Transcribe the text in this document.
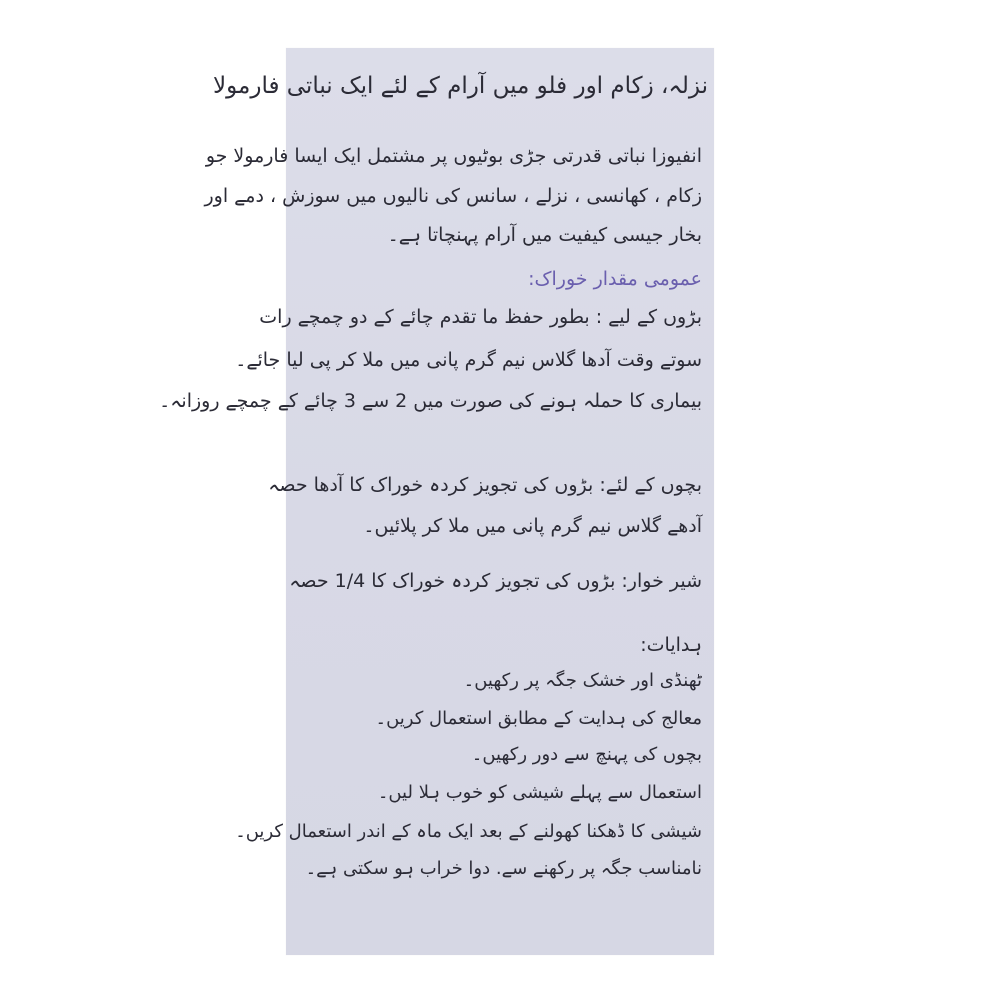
نزلہ، زکام اور فلو میں آرام کے لئے ایک نباتی فارمولا
انفیوزا نباتی قدرتی جڑی بوٹیوں پر مشتمل ایک ایسا فارمولا جو
زکام ، کھانسی ، نزلے ، سانس کی نالیوں میں سوزش ، دمے اور
بخار جیسی کیفیت میں آرام پہنچاتا ہے۔
عمومی مقدار خوراک:
بڑوں کے لیے : بطور حفظ ما تقدم چائے کے دو چمچے رات
سوتے وقت آدھا گلاس نیم گرم پانی میں ملا کر پی لیا جائے۔
بیماری کا حملہ ہونے کی صورت میں 2 سے 3 چائے کے چمچے روزانہ۔
بچوں کے لئے: بڑوں کی تجویز کردہ خوراک کا آدھا حصہ
آدھے گلاس نیم گرم پانی میں ملا کر پلائیں۔
شیر خوار: بڑوں کی تجویز کردہ خوراک کا 1/4 حصہ
ہدایات:
ٹھنڈی اور خشک جگہ پر رکھیں۔
معالج کی ہدایت کے مطابق استعمال کریں۔
بچوں کی پہنچ سے دور رکھیں۔
استعمال سے پہلے شیشی کو خوب ہلا لیں۔
شیشی کا ڈھکنا کھولنے کے بعد ایک ماہ کے اندر استعمال کریں۔
نامناسب جگہ پر رکھنے سے. دوا خراب ہو سکتی ہے۔
